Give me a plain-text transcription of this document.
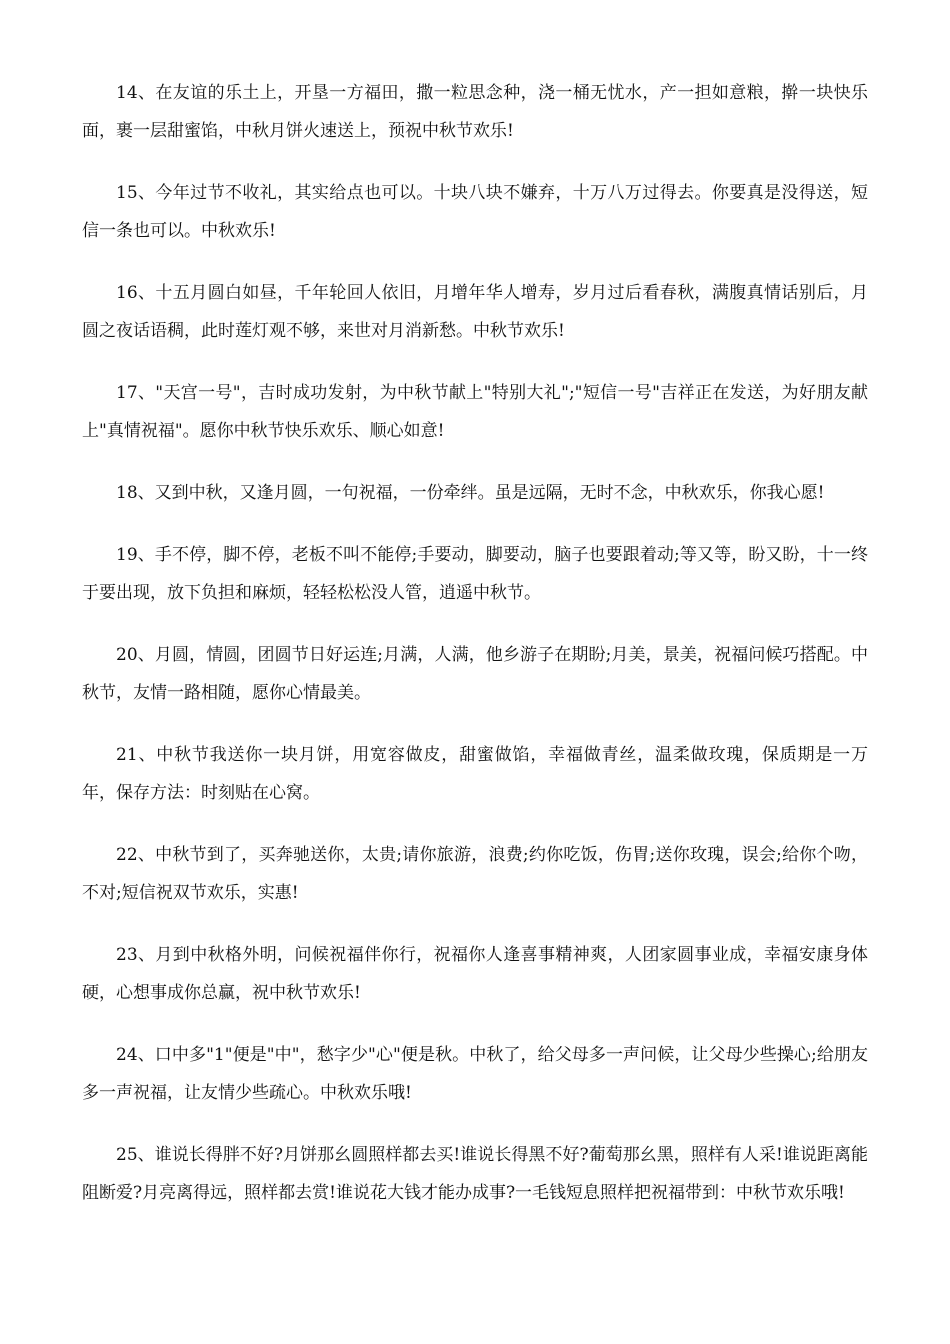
14、在友谊的乐土上，开垦一方福田，撒一粒思念种，浇一桶无忧水，产一担如意粮，擀一块快乐面，裹一层甜蜜馅，中秋月饼火速送上，预祝中秋节欢乐!

15、今年过节不收礼，其实给点也可以。十块八块不嫌弃，十万八万过得去。你要真是没得送，短信一条也可以。中秋欢乐!

16、十五月圆白如昼，千年轮回人依旧，月增年华人增寿，岁月过后看春秋，满腹真情话别后，月圆之夜话语稠，此时莲灯观不够，来世对月消新愁。中秋节欢乐!

17、"天宫一号"，吉时成功发射，为中秋节献上"特别大礼";"短信一号"吉祥正在发送，为好朋友献上"真情祝福"。愿你中秋节快乐欢乐、顺心如意!

18、又到中秋，又逢月圆，一句祝福，一份牵绊。虽是远隔，无时不念，中秋欢乐，你我心愿!

19、手不停，脚不停，老板不叫不能停;手要动，脚要动，脑子也要跟着动;等又等，盼又盼，十一终于要出现，放下负担和麻烦，轻轻松松没人管，逍遥中秋节。

20、月圆，情圆，团圆节日好运连;月满，人满，他乡游子在期盼;月美，景美，祝福问候巧搭配。中秋节，友情一路相随，愿你心情最美。

21、中秋节我送你一块月饼，用宽容做皮，甜蜜做馅，幸福做青丝，温柔做玫瑰，保质期是一万年，保存方法：时刻贴在心窝。

22、中秋节到了，买奔驰送你，太贵;请你旅游，浪费;约你吃饭，伤胃;送你玫瑰，误会;给你个吻，不对;短信祝双节欢乐，实惠!

23、月到中秋格外明，问候祝福伴你行，祝福你人逢喜事精神爽，人团家圆事业成，幸福安康身体硬，心想事成你总赢，祝中秋节欢乐!

24、口中多"1"便是"中"，愁字少"心"便是秋。中秋了，给父母多一声问候，让父母少些操心;给朋友多一声祝福，让友情少些疏心。中秋欢乐哦!

25、谁说长得胖不好?月饼那幺圆照样都去买!谁说长得黑不好?葡萄那幺黑，照样有人采!谁说距离能阻断爱?月亮离得远，照样都去赏!谁说花大钱才能办成事?一毛钱短息照样把祝福带到：中秋节欢乐哦!
